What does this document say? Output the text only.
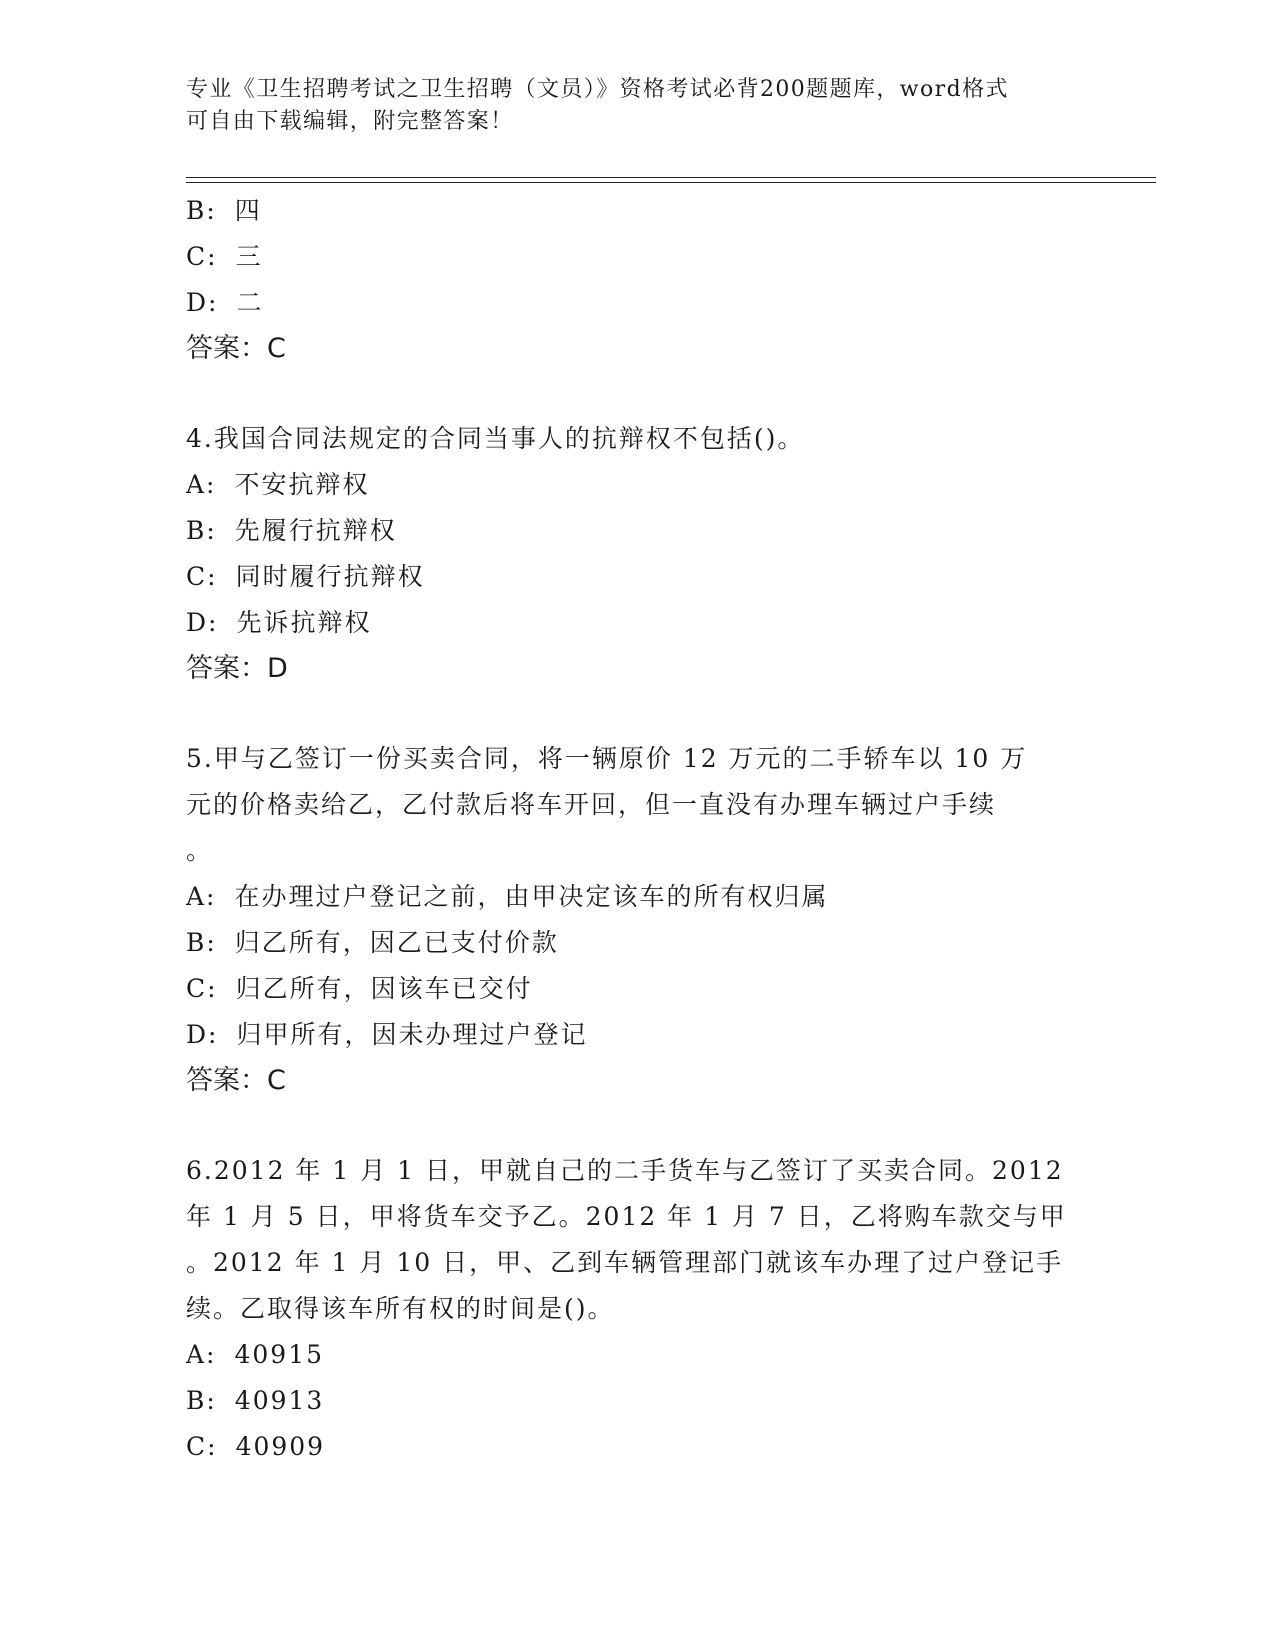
专业《卫生招聘考试之卫生招聘（文员）》资格考试必背200题题库，word格式
可自由下载编辑，附完整答案！
B: 四
C: 三
D: 二
答案：C
4.我国合同法规定的合同当事人的抗辩权不包括()。
A: 不安抗辩权
B: 先履行抗辩权
C: 同时履行抗辩权
D: 先诉抗辩权
答案：D
5.甲与乙签订一份买卖合同，将一辆原价 12 万元的二手轿车以 10 万
元的价格卖给乙，乙付款后将车开回，但一直没有办理车辆过户手续
。
A: 在办理过户登记之前，由甲决定该车的所有权归属
B: 归乙所有，因乙已支付价款
C: 归乙所有，因该车已交付
D: 归甲所有，因未办理过户登记
答案：C
6.2012 年 1 月 1 日，甲就自己的二手货车与乙签订了买卖合同。2012
年 1 月 5 日，甲将货车交予乙。2012 年 1 月 7 日，乙将购车款交与甲
。2012 年 1 月 10 日，甲、乙到车辆管理部门就该车办理了过户登记手
续。乙取得该车所有权的时间是()。
A: 40915
B: 40913
C: 40909
